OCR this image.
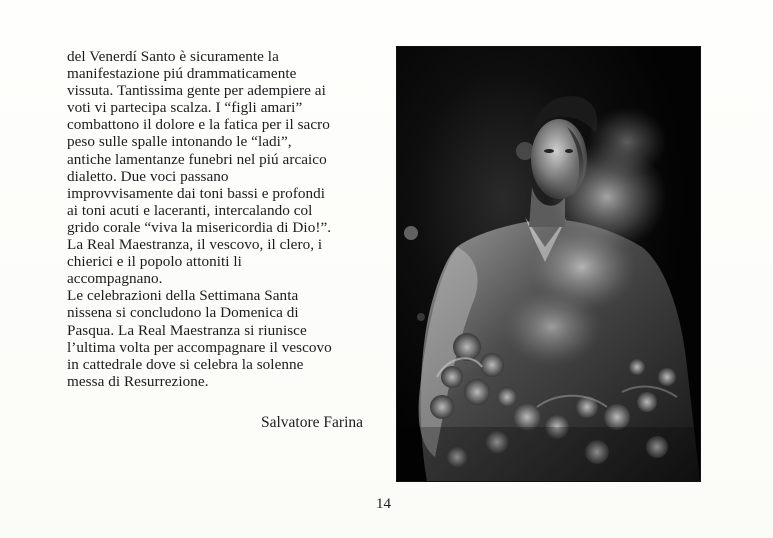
del Venerdí Santo è sicuramente la
manifestazione piú drammaticamente
vissuta. Tantissima gente per adempiere ai
voti vi partecipa scalza. I “figli amari”
combattono il dolore e la fatica per il sacro
peso sulle spalle intonando le “ladi”,
antiche lamentanze funebri nel piú arcaico
dialetto. Due voci passano
improvvisamente dai toni bassi e profondi
ai toni acuti e laceranti, intercalando col
grido corale “viva la misericordia di Dio!”.
La Real Maestranza, il vescovo, il clero, i
chierici e il popolo attoniti li
accompagnano.
Le celebrazioni della Settimana Santa
nissena si concludono la Domenica di
Pasqua. La Real Maestranza si riunisce
l’ultima volta per accompagnare il vescovo
in cattedrale dove si celebra la solenne
messa di Resurrezione.
Salvatore Farina
14
